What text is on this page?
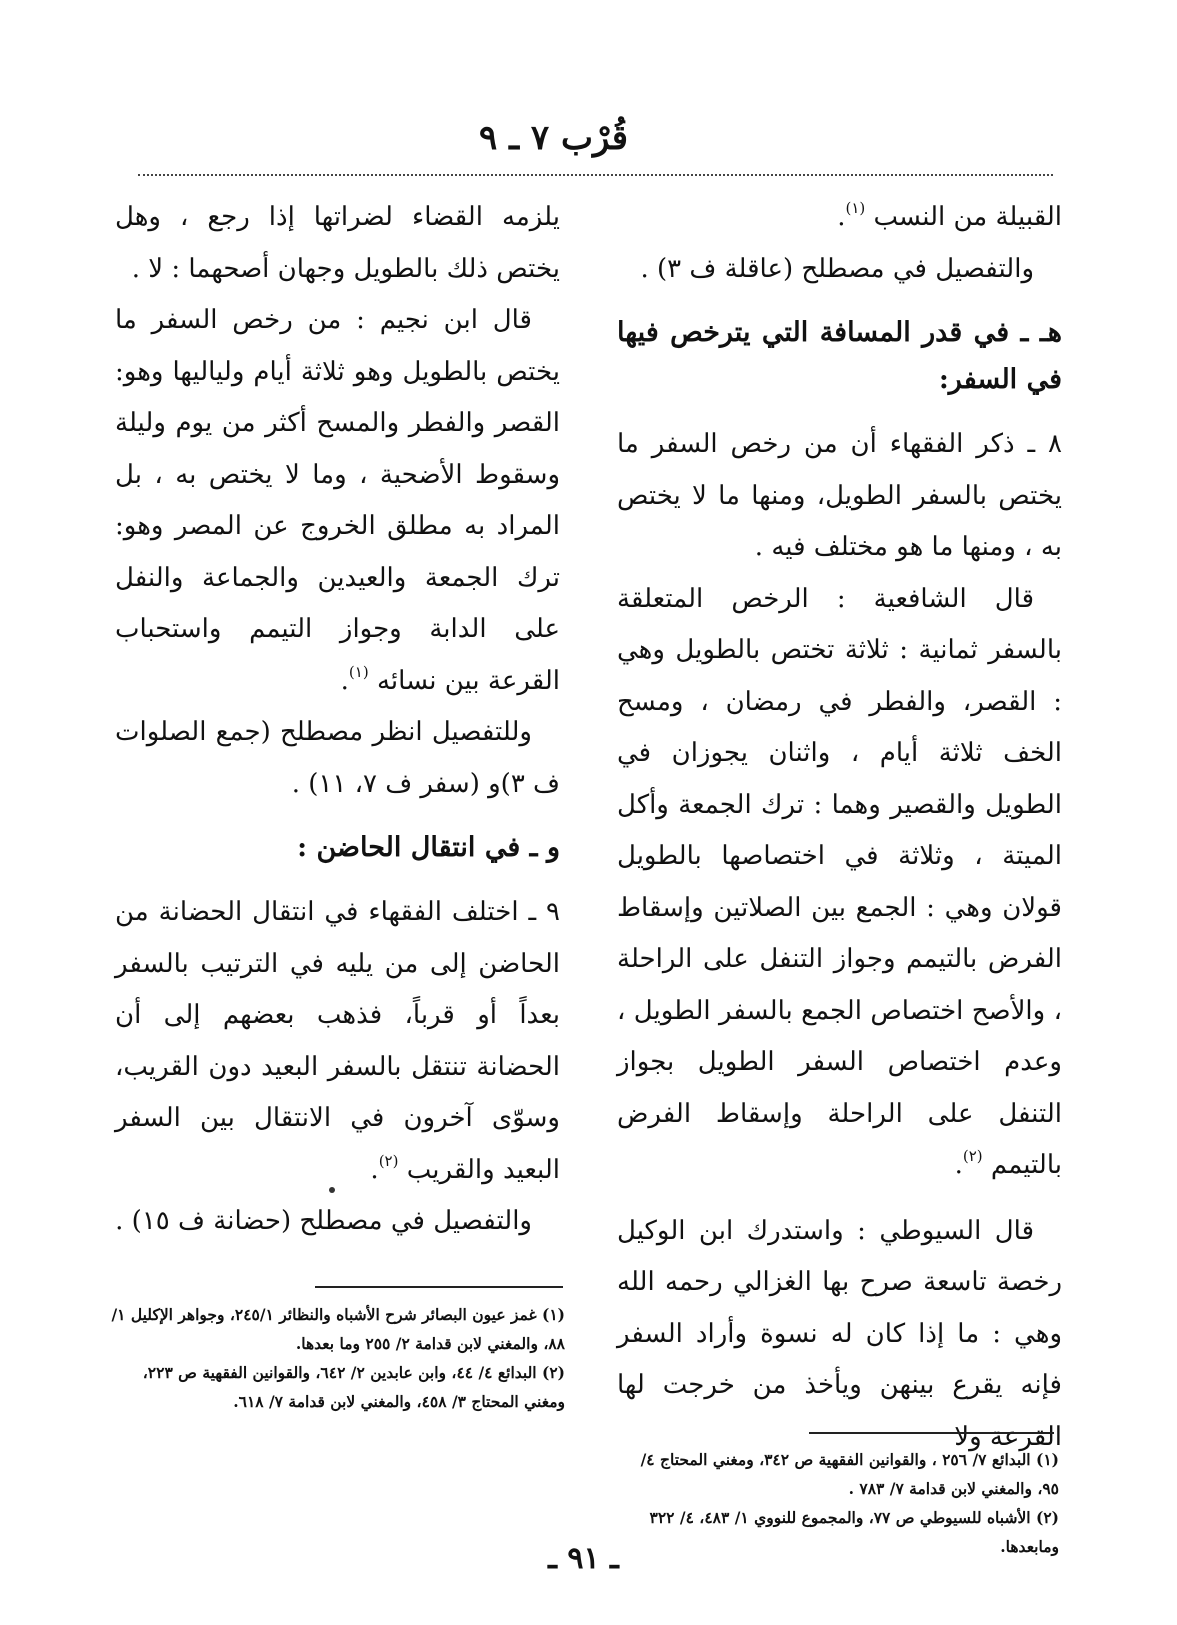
قُرْب ٧ ـ ٩

القبيلة من النسب $^{(١)}$.

والتفصيل في مصطلح (عاقلة ف ٣) .

هـ ـ في قدر المسافة التي يترخص فيها في السفر:

٨ ـ ذكر الفقهاء أن من رخص السفر ما يختص بالسفر الطويل، ومنها ما لا يختص به ، ومنها ما هو مختلف فيه .

قال الشافعية : الرخص المتعلقة بالسفر ثمانية : ثلاثة تختص بالطويل وهي : القصر، والفطر في رمضان ، ومسح الخف ثلاثة أيام ، واثنان يجوزان في الطويل والقصير وهما : ترك الجمعة وأكل الميتة ، وثلاثة في اختصاصها بالطويل قولان وهي : الجمع بين الصلاتين وإسقاط الفرض بالتيمم وجواز التنفل على الراحلة ، والأصح اختصاص الجمع بالسفر الطويل ، وعدم اختصاص السفر الطويل بجواز التنفل على الراحلة وإسقاط الفرض بالتيمم $^{(٢)}$.

قال السيوطي : واستدرك ابن الوكيل رخصة تاسعة صرح بها الغزالي رحمه الله وهي : ما إذا كان له نسوة وأراد السفر فإنه يقرع بينهن ويأخذ من خرجت لها القرعة ولا

يلزمه القضاء لضراتها إذا رجع ، وهل يختص ذلك بالطويل وجهان أصحهما : لا .

قال ابن نجيم : من رخص السفر ما يختص بالطويل وهو ثلاثة أيام ولياليها وهو: القصر والفطر والمسح أكثر من يوم وليلة وسقوط الأضحية ، وما لا يختص به ، بل المراد به مطلق الخروج عن المصر وهو: ترك الجمعة والعيدين والجماعة والنفل على الدابة وجواز التيمم واستحباب القرعة بين نسائه $^{(١)}$.

وللتفصيل انظر مصطلح (جمع الصلوات ف ٣)و (سفر ف ٧، ١١) .

و ـ في انتقال الحاضن :

٩ ـ اختلف الفقهاء في انتقال الحضانة من الحاضن إلى من يليه في الترتيب بالسفر بعداً أو قرباً، فذهب بعضهم إلى أن الحضانة تنتقل بالسفر البعيد دون القريب، وسوّى آخرون في الانتقال بين السفر البعيد والقريب $^{(٢)}$.

والتفصيل في مصطلح (حضانة ف ١٥) .

(١) البدائع ٧/ ٢٥٦ ، والقوانين الفقهية ص ٣٤٢، ومغني المحتاج ٤/ ٩٥، والمغني لابن قدامة ٧/ ٧٨٣ .

(٢) الأشباه للسيوطي ص ٧٧، والمجموع للنووي ١/ ٤٨٣، ٤/ ٣٢٢ ومابعدها.

(١) غمز عيون البصائر شرح الأشباه والنظائر ٢٤٥/١، وجواهر الإكليل ١/ ٨٨، والمغني لابن قدامة ٢/ ٢٥٥ وما بعدها.

(٢) البدائع ٤/ ٤٤، وابن عابدين ٢/ ٦٤٢، والقوانين الفقهية ص ٢٢٣، ومغني المحتاج ٣/ ٤٥٨، والمغني لابن قدامة ٧/ ٦١٨.

ـ ٩١ ـ
